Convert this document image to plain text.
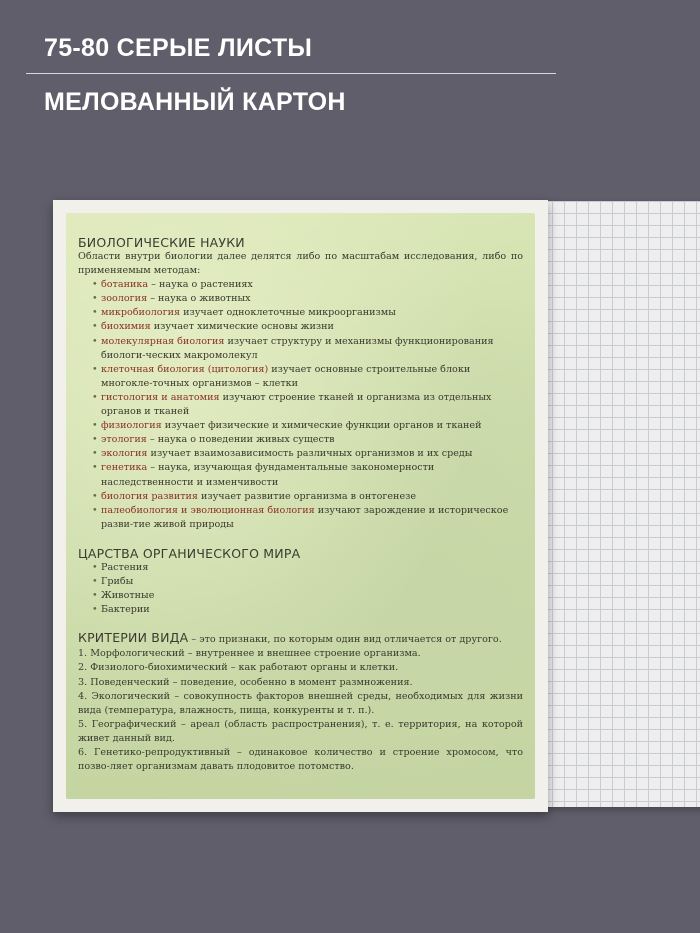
75-80 СЕРЫЕ ЛИСТЫ
МЕЛОВАННЫЙ КАРТОН
БИОЛОГИЧЕСКИЕ НАУКИ

Области внутри биологии далее делятся либо по масштабам исследования, либо по применяемым методам:

• ботаника – наука о растениях
• зоология – наука о животных
• микробиология изучает одноклеточные микроорганизмы
• биохимия изучает химические основы жизни
• молекулярная биология изучает структуру и механизмы функционирования биологи-ческих макромолекул
• клеточная биология (цитология) изучает основные строительные блоки многокле-точных организмов – клетки
• гистология и анатомия изучают строение тканей и организма из отдельных органов и тканей
• физиология изучает физические и химические функции органов и тканей
• этология – наука о поведении живых существ
• экология изучает взаимозависимость различных организмов и их среды
• генетика – наука, изучающая фундаментальные закономерности наследственности и изменчивости
• биология развития изучает развитие организма в онтогенезе
• палеобиология и эволюционная биология изучают зарождение и историческое разви-тие живой природы
ЦАРСТВА ОРГАНИЧЕСКОГО МИРА
• Растения
• Грибы
• Животные
• Бактерии

КРИТЕРИИ ВИДА – это признаки, по которым один вид отличается от другого.

1. Морфологический – внутреннее и внешнее строение организма.

2. Физиолого-биохимический – как работают органы и клетки.

3. Поведенческий – поведение, особенно в момент размножения.

4. Экологический – совокупность факторов внешней среды, необходимых для жизни вида (температура, влажность, пища, конкуренты и т. п.).

5. Географический – ареал (область распространения), т. е. территория, на которой живет данный вид.

6. Генетико-репродуктивный – одинаковое количество и строение хромосом, что позво-ляет организмам давать плодовитое потомство.
